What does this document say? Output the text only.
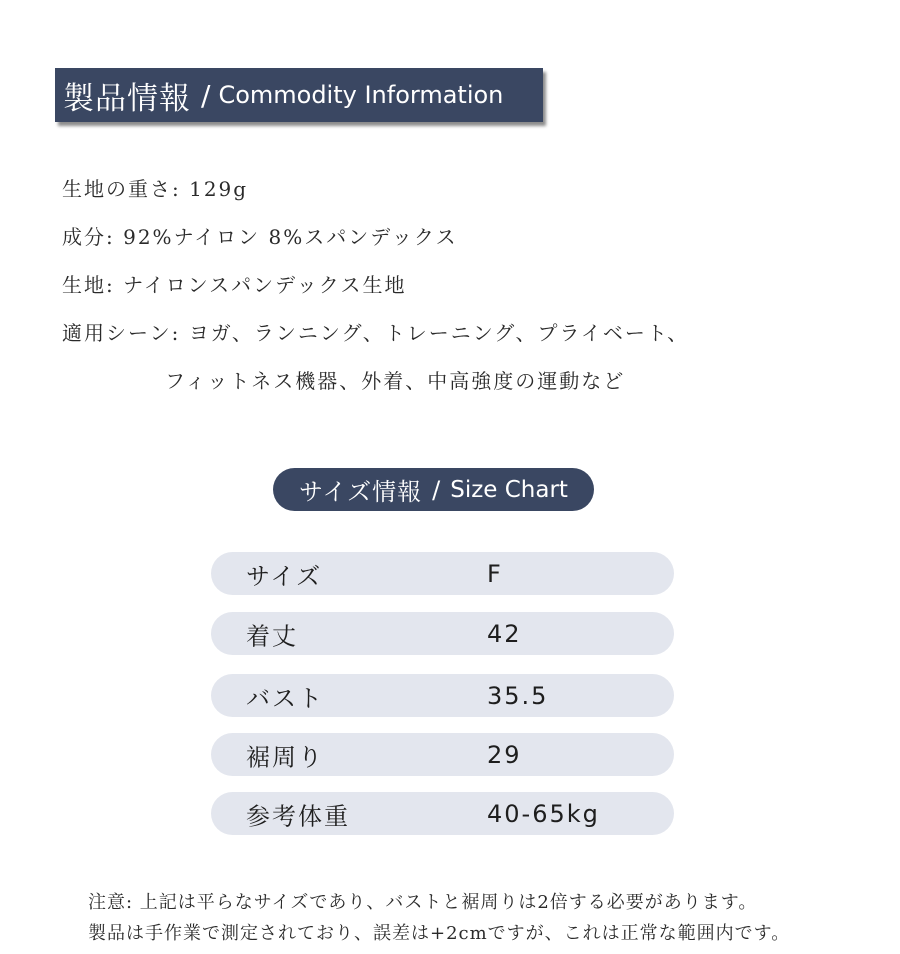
製品情報 / Commodity Information
生地の重さ: 129g
成分: 92%ナイロン 8%スパンデックス
生地: ナイロンスパンデックス生地
適用シーン: ヨガ、ランニング、トレーニング、プライベート、
フィットネス機器、外着、中高強度の運動など
サイズ情報 / Size Chart
サイズ	F
着丈	42
バスト	35.5
裾周り	29
参考体重	40-65kg
注意: 上記は平らなサイズであり、バストと裾周りは2倍する必要があります。
製品は手作業で測定されており、誤差は+2cmですが、これは正常な範囲内です。
